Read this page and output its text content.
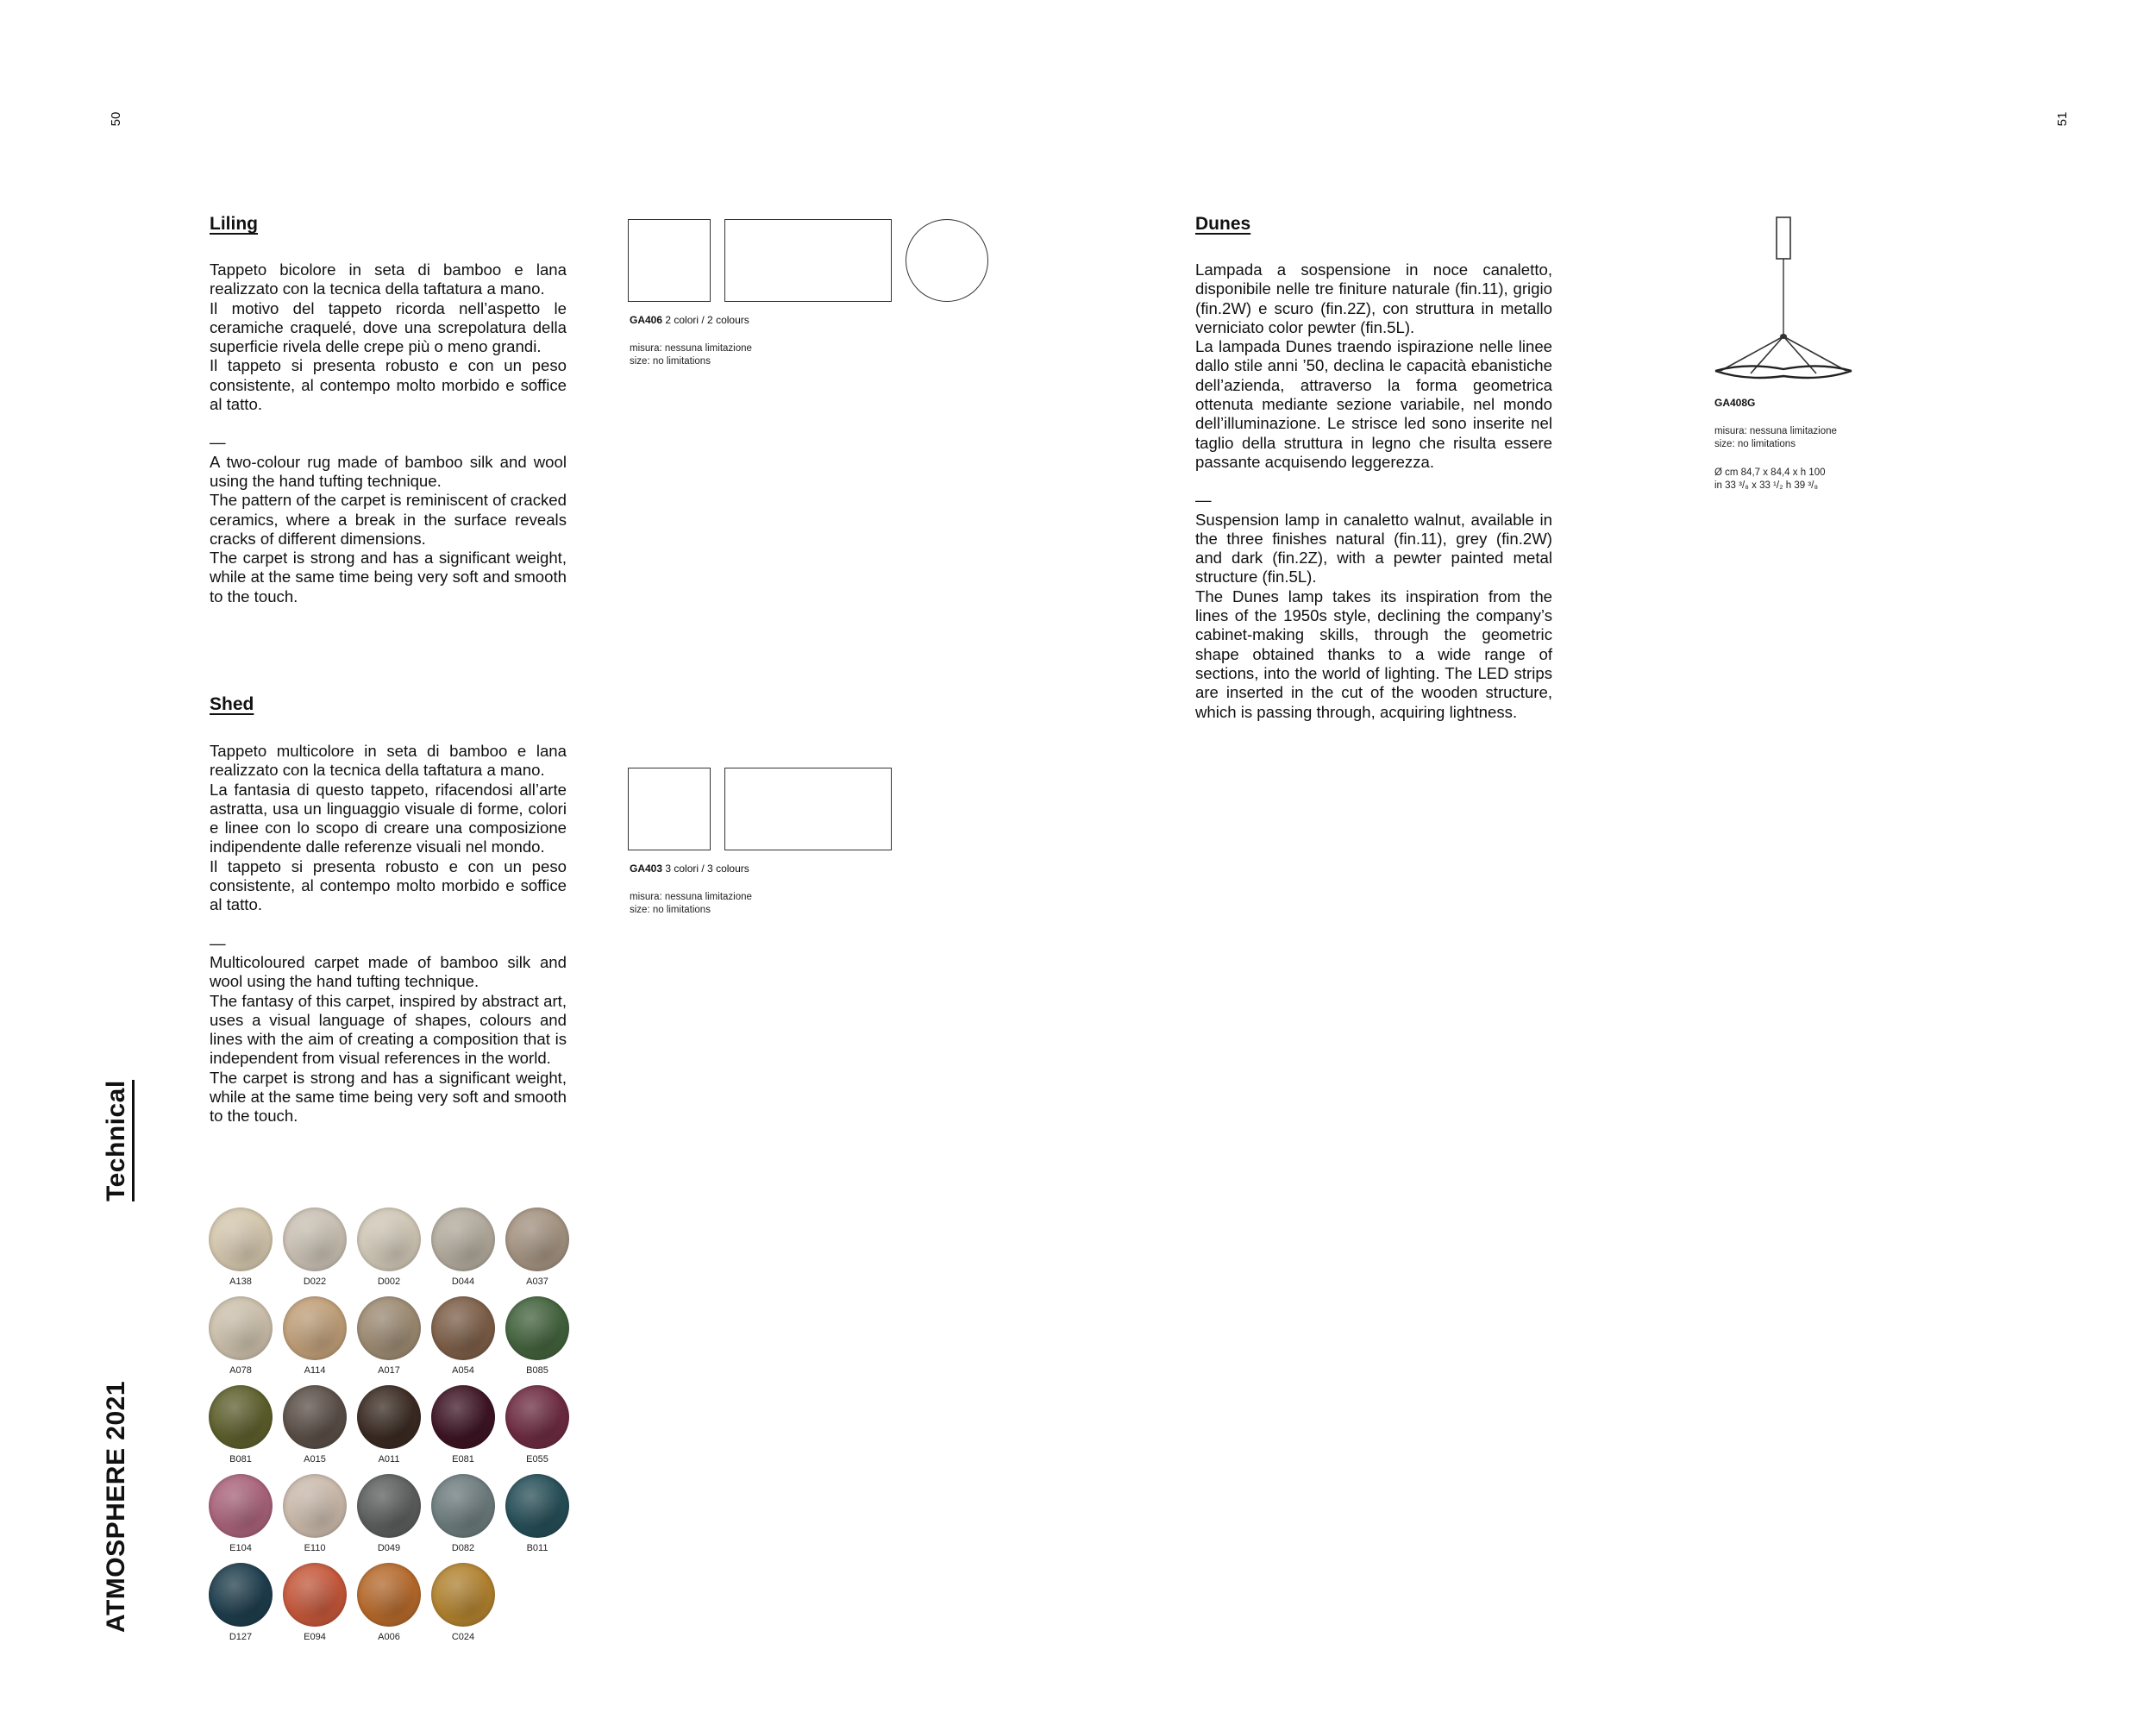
50	51
Technical
ATMOSPHERE 2021
Liling

Tappeto bicolore in seta di bamboo e lana realizzato con la tecnica della taftatura a mano.

Il motivo del tappeto ricorda nell’aspetto le ceramiche craquelé, dove una screpolatura della superficie rivela delle crepe più o meno grandi.

Il tappeto si presenta robusto e con un peso consistente, al contempo molto morbido e soffice al tatto.

—

A two-colour rug made of bamboo silk and wool using the hand tufting technique.

The pattern of the carpet is reminiscent of cracked ceramics, where a break in the surface reveals cracks of different dimensions.

The carpet is strong and has a significant weight, while at the same time being very soft and smooth to the touch.

GA406 2 colori / 2 colours
misura: nessuna limitazione
size: no limitations
Shed

Tappeto multicolore in seta di bamboo e lana realizzato con la tecnica della taftatura a mano.

La fantasia di questo tappeto, rifacendosi all’arte astratta, usa un linguaggio visuale di forme, colori e linee con lo scopo di creare una composizione indipendente dalle referenze visuali nel mondo.

Il tappeto si presenta robusto e con un peso consistente, al contempo molto morbido e soffice al tatto.

—

Multicoloured carpet made of bamboo silk and wool using the hand tufting technique.

The fantasy of this carpet, inspired by abstract art, uses a visual language of shapes, colours and lines with the aim of creating a composition that is independent from visual references in the world.

The carpet is strong and has a significant weight, while at the same time being very soft and smooth to the touch.

GA403 3 colori / 3 colours
misura: nessuna limitazione
size: no limitations
A138	D022	D002	D044	A037
A078	A114	A017	A054	B085
B081	A015	A011	E081	E055
E104	E110	D049	D082	B011
D127	E094	A006	C024
Dunes

Lampada a sospensione in noce canaletto, disponibile nelle tre finiture naturale (fin.11), grigio (fin.2W) e scuro (fin.2Z), con struttura in metallo verniciato color pewter (fin.5L).

La lampada Dunes traendo ispirazione nelle linee dallo stile anni ’50, declina le capacità ebanistiche dell’azienda, attraverso la forma geometrica ottenuta mediante sezione variabile, nel mondo dell’illuminazione. Le strisce led sono inserite nel taglio della struttura in legno che risulta essere passante acquisendo leggerezza.

—

Suspension lamp in canaletto walnut, available in the three finishes natural (fin.11), grey (fin.2W) and dark (fin.2Z), with a pewter painted metal structure (fin.5L).

The Dunes lamp takes its inspiration from the lines of the 1950s style, declining the company’s cabinet-making skills, through the geometric shape obtained thanks to a wide range of sections, into the world of lighting. The LED strips are inserted in the cut of the wooden structure, which is passing through, acquiring lightness.

GA408G
misura: nessuna limitazione
size: no limitations
Ø cm 84,7 x 84,4 x h 100
in 33 ³/₈ x 33 ¹/₂ h 39 ³/₈
